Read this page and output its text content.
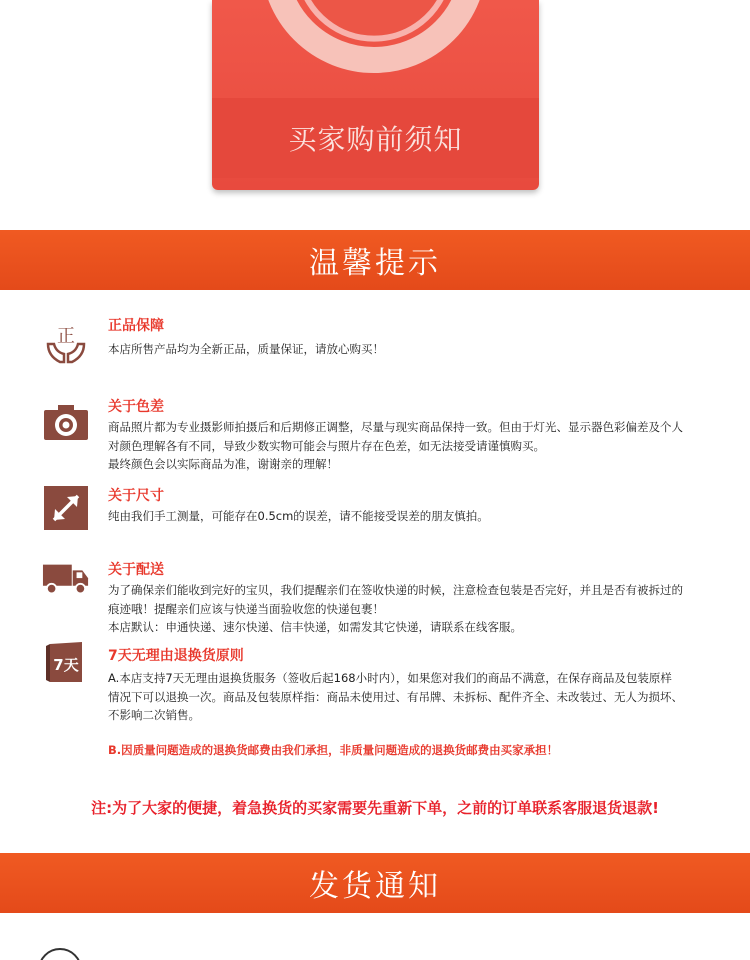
买家购前须知
温馨提示
正 正品保障

本店所售产品均为全新正品，质量保证，请放心购买！

关于色差

商品照片都为专业摄影师拍摄后和后期修正调整，尽量与现实商品保持一致。但由于灯光、显示器色彩偏差及个人

对颜色理解各有不同，导致少数实物可能会与照片存在色差，如无法接受请谨慎购买。

最终颜色会以实际商品为准，谢谢亲的理解！

关于尺寸

纯由我们手工测量，可能存在0.5cm的误差，请不能接受误差的朋友慎拍。

关于配送

为了确保亲们能收到完好的宝贝，我们提醒亲们在签收快递的时候，注意检查包装是否完好，并且是否有被拆过的

痕迹哦！提醒亲们应该与快递当面验收您的快递包裹！

本店默认：申通快递、速尔快递、信丰快递，如需发其它快递，请联系在线客服。

7天 7天无理由退换货原则

A.本店支持7天无理由退换货服务（签收后起168小时内），如果您对我们的商品不满意，在保存商品及包装原样

情况下可以退换一次。商品及包装原样指：商品未使用过、有吊牌、未拆标、配件齐全、未改装过、无人为损坏、

不影响二次销售。

B.因质量问题造成的退换货邮费由我们承担，非质量问题造成的退换货邮费由买家承担！
注:为了大家的便捷，着急换货的买家需要先重新下单，之前的订单联系客服退货退款!
发货通知
